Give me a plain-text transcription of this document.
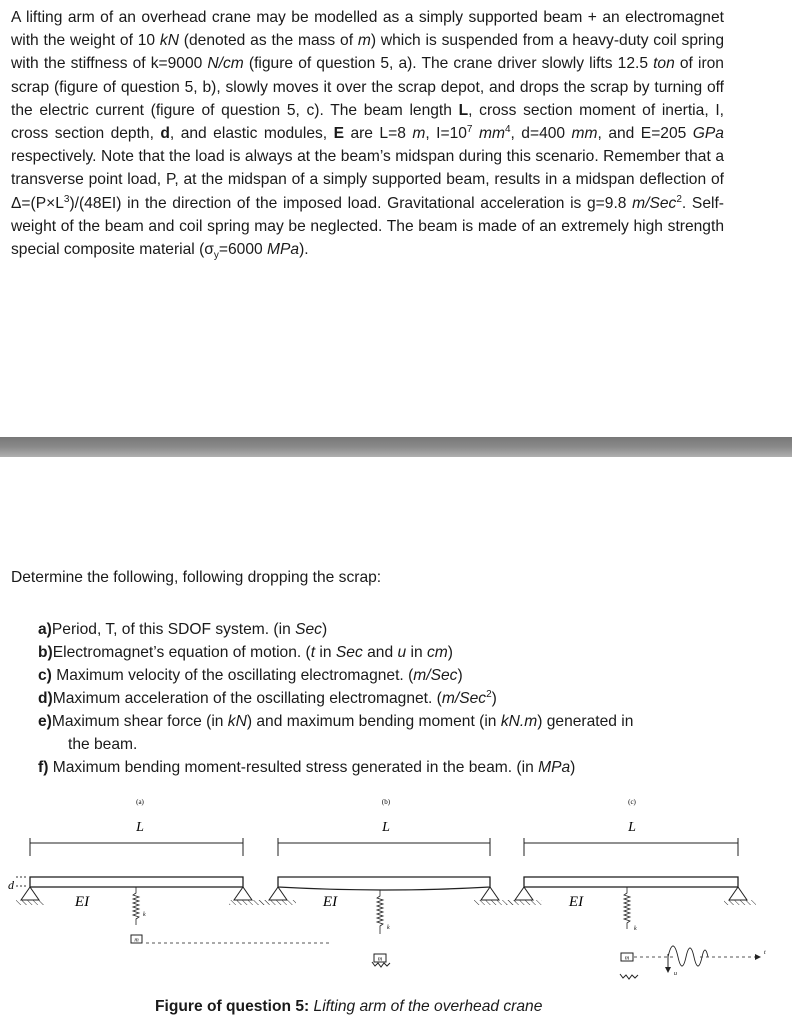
A lifting arm of an overhead crane may be modelled as a simply supported beam + an electromagnet with the weight of 10 kN (denoted as the mass of m) which is suspended from a heavy-duty coil spring with the stiffness of k=9000 N/cm (figure of question 5, a). The crane driver slowly lifts 12.5 ton of iron scrap (figure of question 5, b), slowly moves it over the scrap depot, and drops the scrap by turning off the electric current (figure of question 5, c). The beam length L, cross section moment of inertia, I, cross section depth, d, and elastic modules, E are L=8 m, $I=10^7$ $mm^4$, d=400 mm, and E=205 GPa respectively. Note that the load is always at the beam’s midspan during this scenario. Remember that a transverse point load, P, at the midspan of a simply supported beam, results in a midspan deflection of $\Delta=(P\times L^3)/(48EI)$ in the direction of the imposed load. Gravitational acceleration is g=9.8 m/Sec$^2$. Self-weight of the beam and coil spring may be neglected. The beam is made of an extremely high strength special composite material ($\sigma_y=6000$ MPa).

Determine the following, following dropping the scrap:

a)Period, T, of this SDOF system. (in Sec)

b)Electromagnet’s equation of motion. (t in Sec and u in cm)

c) Maximum velocity of the oscillating electromagnet. (m/Sec)

d)Maximum acceleration of the oscillating electromagnet. (m/Sec$^2$)

e)Maximum shear force (in kN) and maximum bending moment (in kN.m) generated in

the beam.

f) Maximum bending moment-resulted stress generated in the beam. (in MPa)

(a)
L
d
EI
k
m
(b)
L
EI
k
m
(c)
L
EI
k
m
u
t

Figure of question 5: Lifting arm of the overhead crane
